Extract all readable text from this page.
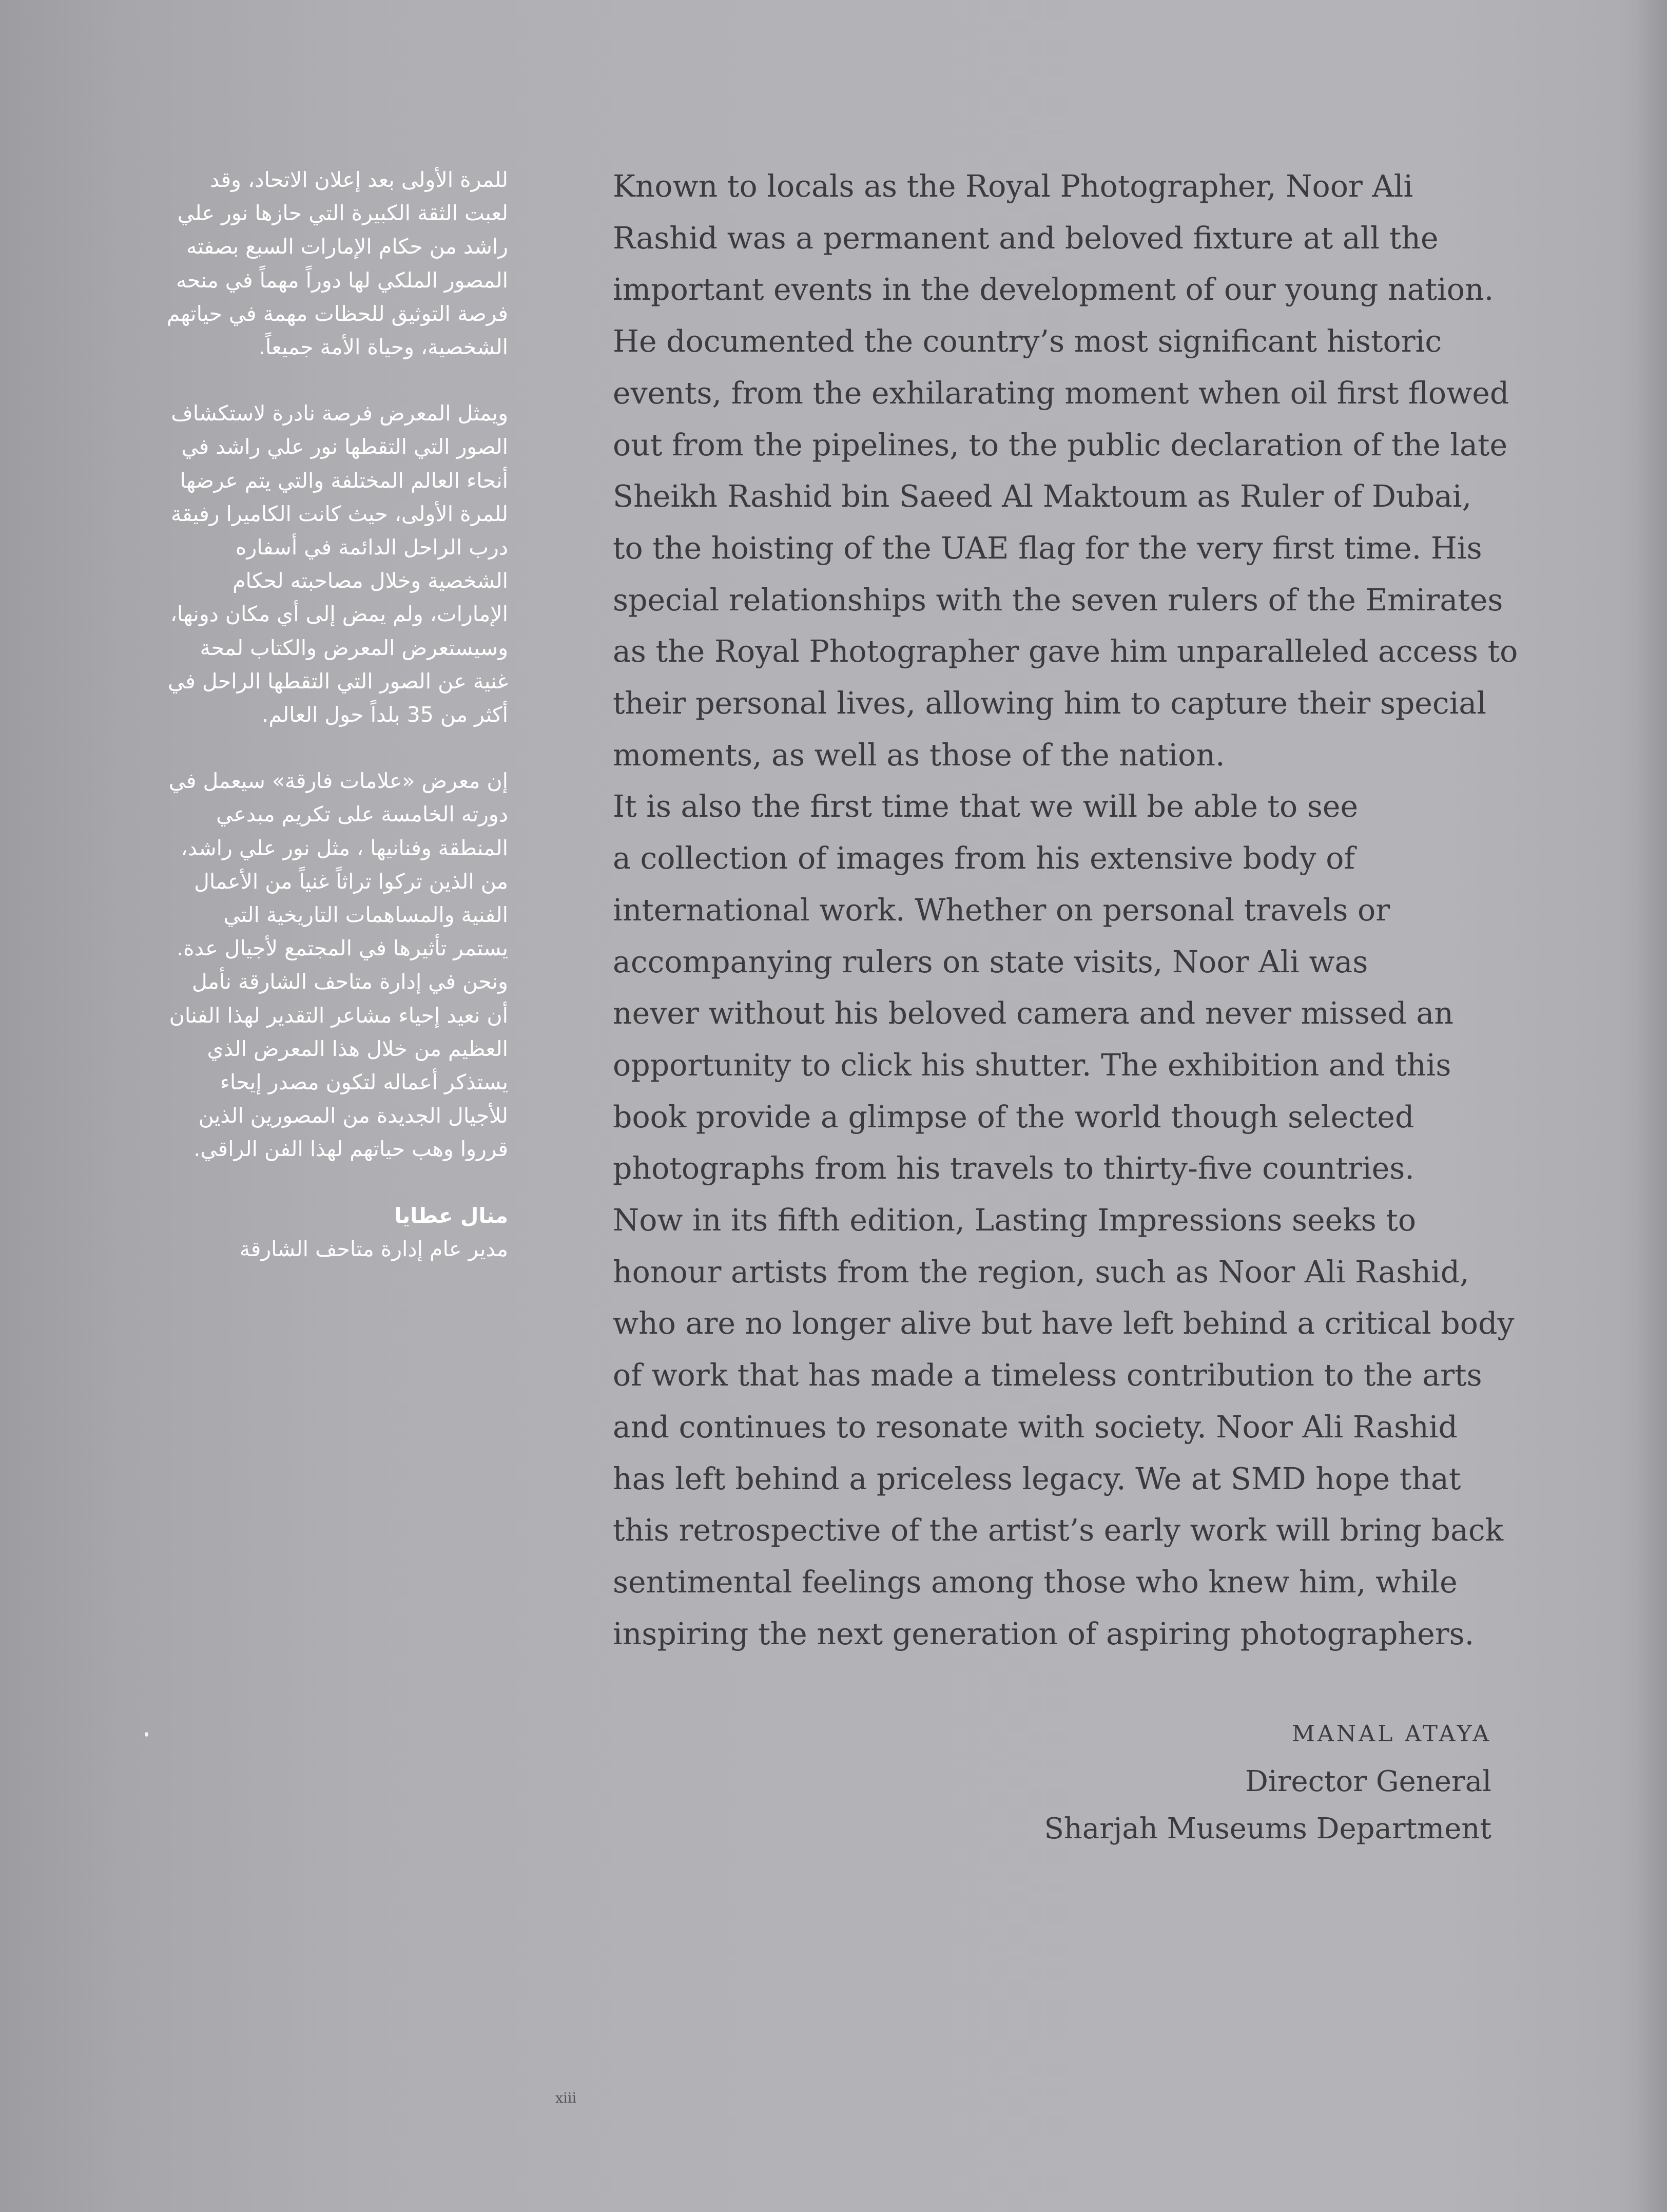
للمرة الأولى بعد إعلان الاتحاد، وقد لعبت الثقة الكبيرة التي حازها نور علي راشد من حكام الإمارات السبع بصفته المصور الملكي لها دوراً مهماً في منحه فرصة التوثيق للحظات مهمة في حياتهم الشخصية، وحياة الأمة جميعاً.

ويمثل المعرض فرصة نادرة لاستكشاف الصور التي التقطها نور علي راشد في أنحاء العالم المختلفة والتي يتم عرضها للمرة الأولى، حيث كانت الكاميرا رفيقة درب الراحل الدائمة في أسفاره الشخصية وخلال مصاحبته لحكام الإمارات، ولم يمض إلى أي مكان دونها، وسيستعرض المعرض والكتاب لمحة غنية عن الصور التي التقطها الراحل في أكثر من 35 بلداً حول العالم.

إن معرض «علامات فارقة» سيعمل في دورته الخامسة على تكريم مبدعي المنطقة وفنانيها ، مثل نور علي راشد، من الذين تركوا تراثاً غنياً من الأعمال الفنية والمساهمات التاريخية التي يستمر تأثيرها في المجتمع لأجيال عدة. ونحن في إدارة متاحف الشارقة نأمل أن نعيد إحياء مشاعر التقدير لهذا الفنان العظيم من خلال هذا المعرض الذي يستذكر أعماله لتكون مصدر إيحاء للأجيال الجديدة من المصورين الذين قرروا وهب حياتهم لهذا الفن الراقي.

منال عطايا
مدير عام إدارة متاحف الشارقة

Known to locals as the Royal Photographer, Noor Ali
Rashid was a permanent and beloved fixture at all the
important events in the development of our young nation.
He documented the country’s most significant historic
events, from the exhilarating moment when oil first flowed
out from the pipelines, to the public declaration of the late
Sheikh Rashid bin Saeed Al Maktoum as Ruler of Dubai,
to the hoisting of the UAE flag for the very first time. His
special relationships with the seven rulers of the Emirates
as the Royal Photographer gave him unparalleled access to
their personal lives, allowing him to capture their special
moments, as well as those of the nation.

It is also the first time that we will be able to see
a collection of images from his extensive body of
international work. Whether on personal travels or
accompanying rulers on state visits, Noor Ali was
never without his beloved camera and never missed an
opportunity to click his shutter. The exhibition and this
book provide a glimpse of the world though selected
photographs from his travels to thirty-five countries.

Now in its fifth edition, Lasting Impressions seeks to
honour artists from the region, such as Noor Ali Rashid,
who are no longer alive but have left behind a critical body
of work that has made a timeless contribution to the arts
and continues to resonate with society. Noor Ali Rashid
has left behind a priceless legacy. We at SMD hope that
this retrospective of the artist’s early work will bring back
sentimental feelings among those who knew him, while
inspiring the next generation of aspiring photographers.

MANAL ATAYA
Director General
Sharjah Museums Department
xiii
